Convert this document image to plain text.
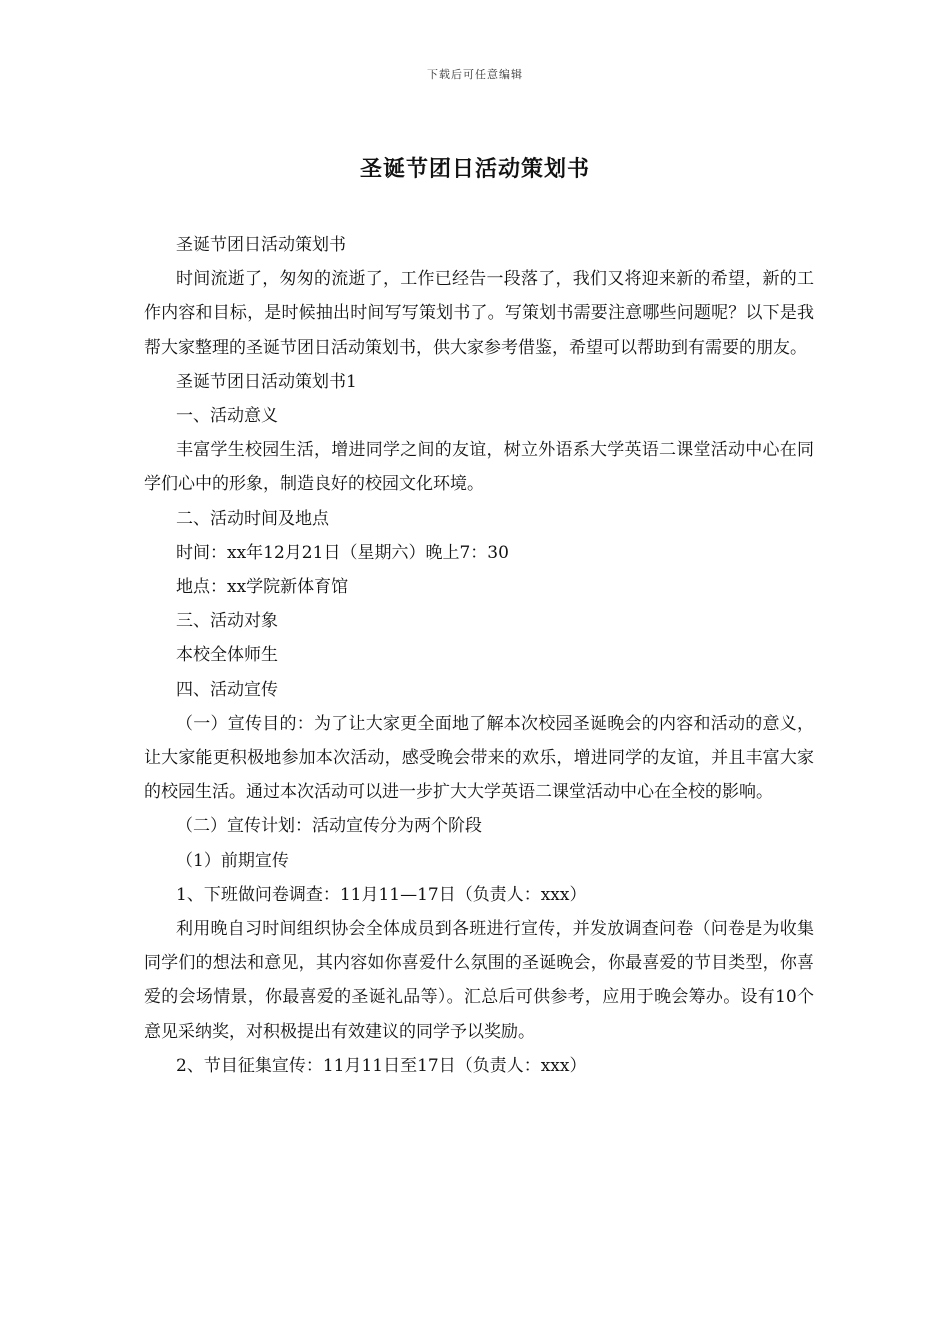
下载后可任意编辑
圣诞节团日活动策划书

圣诞节团日活动策划书

时间流逝了，匆匆的流逝了，工作已经告一段落了，我们又将迎来新的希望，新的工作内容和目标，是时候抽出时间写写策划书了。写策划书需要注意哪些问题呢？以下是我帮大家整理的圣诞节团日活动策划书，供大家参考借鉴，希望可以帮助到有需要的朋友。

圣诞节团日活动策划书1

一、活动意义

丰富学生校园生活，增进同学之间的友谊，树立外语系大学英语二课堂活动中心在同学们心中的形象，制造良好的校园文化环境。

二、活动时间及地点

时间：xx年12月21日（星期六）晚上7：30

地点：xx学院新体育馆

三、活动对象

本校全体师生

四、活动宣传

（一）宣传目的：为了让大家更全面地了解本次校园圣诞晚会的内容和活动的意义，让大家能更积极地参加本次活动，感受晚会带来的欢乐，增进同学的友谊，并且丰富大家的校园生活。通过本次活动可以进一步扩大大学英语二课堂活动中心在全校的影响。

（二）宣传计划：活动宣传分为两个阶段

（1）前期宣传

1、下班做问卷调查：11月11—17日（负责人：xxx）

利用晚自习时间组织协会全体成员到各班进行宣传，并发放调查问卷（问卷是为收集同学们的想法和意见，其内容如你喜爱什么氛围的圣诞晚会，你最喜爱的节目类型，你喜爱的会场情景，你最喜爱的圣诞礼品等）。汇总后可供参考，应用于晚会筹办。设有10个意见采纳奖，对积极提出有效建议的同学予以奖励。

2、节目征集宣传：11月11日至17日（负责人：xxx）
